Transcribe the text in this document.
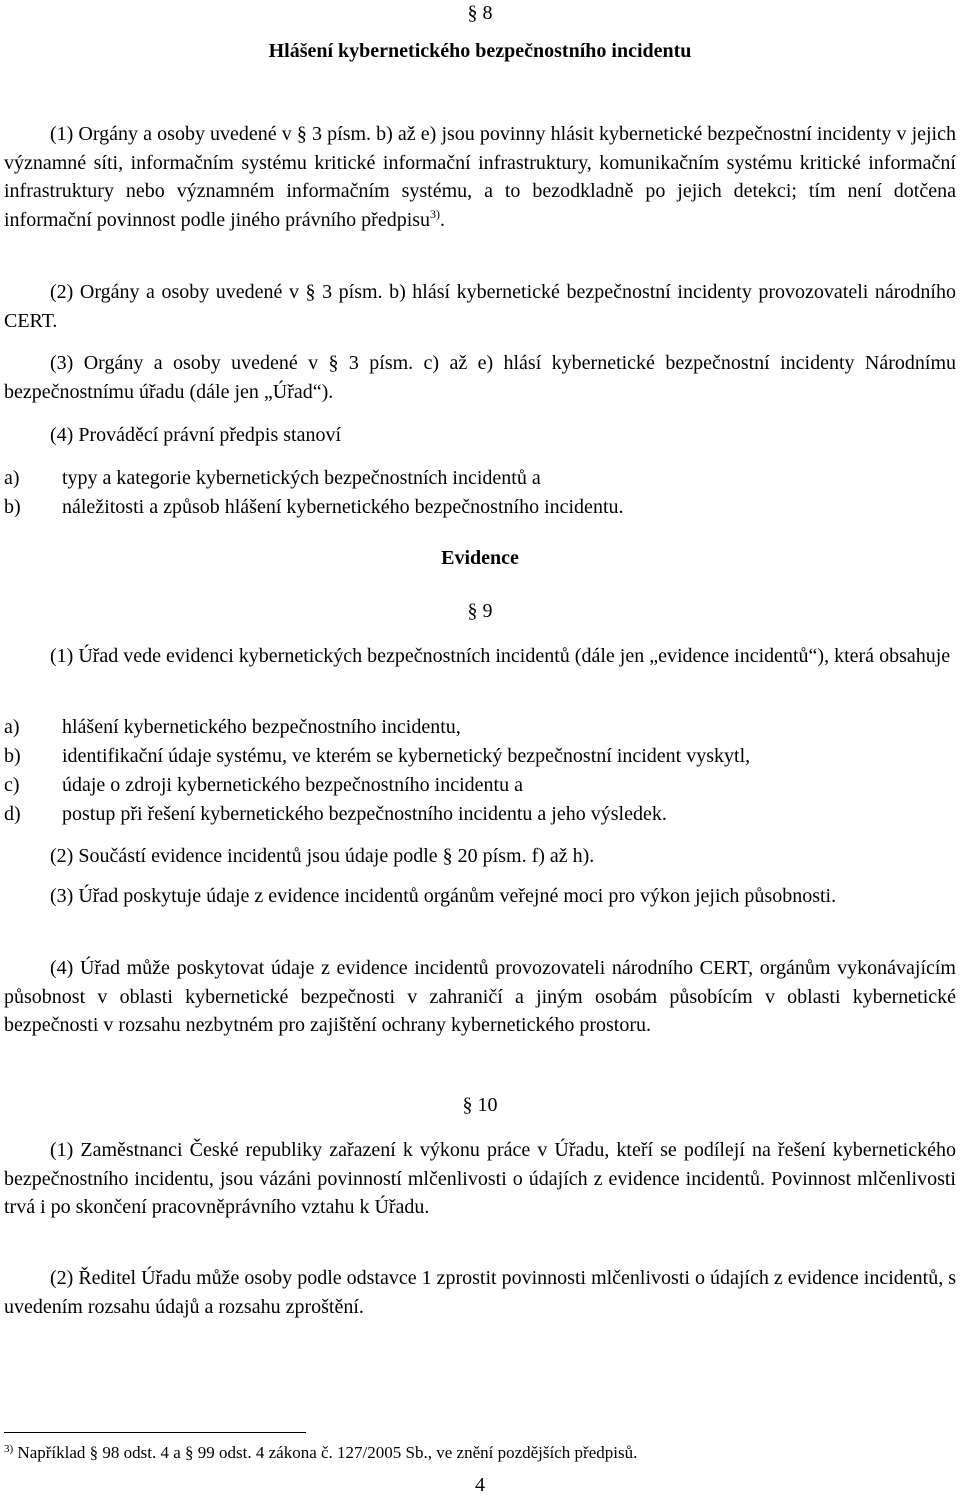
§ 8
Hlášení kybernetického bezpečnostního incidentu

(1) Orgány a osoby uvedené v § 3 písm. b) až e) jsou povinny hlásit kybernetické bezpečnostní incidenty v jejich významné síti, informačním systému kritické informační infrastruktury, komunikačním systému kritické informační infrastruktury nebo významném informačním systému, a to bezodkladně po jejich detekci; tím není dotčena informační povinnost podle jiného právního předpisu$^{3)}$.

(2) Orgány a osoby uvedené v § 3 písm. b) hlásí kybernetické bezpečnostní incidenty provozovateli národního CERT.

(3) Orgány a osoby uvedené v § 3 písm. c) až e) hlásí kybernetické bezpečnostní incidenty Národnímu bezpečnostnímu úřadu (dále jen „Úřad“).

(4) Prováděcí právní předpis stanoví

a) typy a kategorie kybernetických bezpečnostních incidentů a
b) náležitosti a způsob hlášení kybernetického bezpečnostního incidentu.
Evidence
§ 9

(1) Úřad vede evidenci kybernetických bezpečnostních incidentů (dále jen „evidence incidentů“), která obsahuje

a) hlášení kybernetického bezpečnostního incidentu,
b) identifikační údaje systému, ve kterém se kybernetický bezpečnostní incident vyskytl,
c) údaje o zdroji kybernetického bezpečnostního incidentu a
d) postup při řešení kybernetického bezpečnostního incidentu a jeho výsledek.

(2) Součástí evidence incidentů jsou údaje podle § 20 písm. f) až h).

(3) Úřad poskytuje údaje z evidence incidentů orgánům veřejné moci pro výkon jejich působnosti.

(4) Úřad může poskytovat údaje z evidence incidentů provozovateli národního CERT, orgánům vykonávajícím působnost v oblasti kybernetické bezpečnosti v zahraničí a jiným osobám působícím v oblasti kybernetické bezpečnosti v rozsahu nezbytném pro zajištění ochrany kybernetického prostoru.

§ 10

(1) Zaměstnanci České republiky zařazení k výkonu práce v Úřadu, kteří se podílejí na řešení kybernetického bezpečnostního incidentu, jsou vázáni povinností mlčenlivosti o údajích z evidence incidentů. Povinnost mlčenlivosti trvá i po skončení pracovněprávního vztahu k Úřadu.

(2) Ředitel Úřadu může osoby podle odstavce 1 zprostit povinnosti mlčenlivosti o údajích z evidence incidentů, s uvedením rozsahu údajů a rozsahu zproštění.

$^{3)}$ Například § 98 odst. 4 a § 99 odst. 4 zákona č. 127/2005 Sb., ve znění pozdějších předpisů.
4
